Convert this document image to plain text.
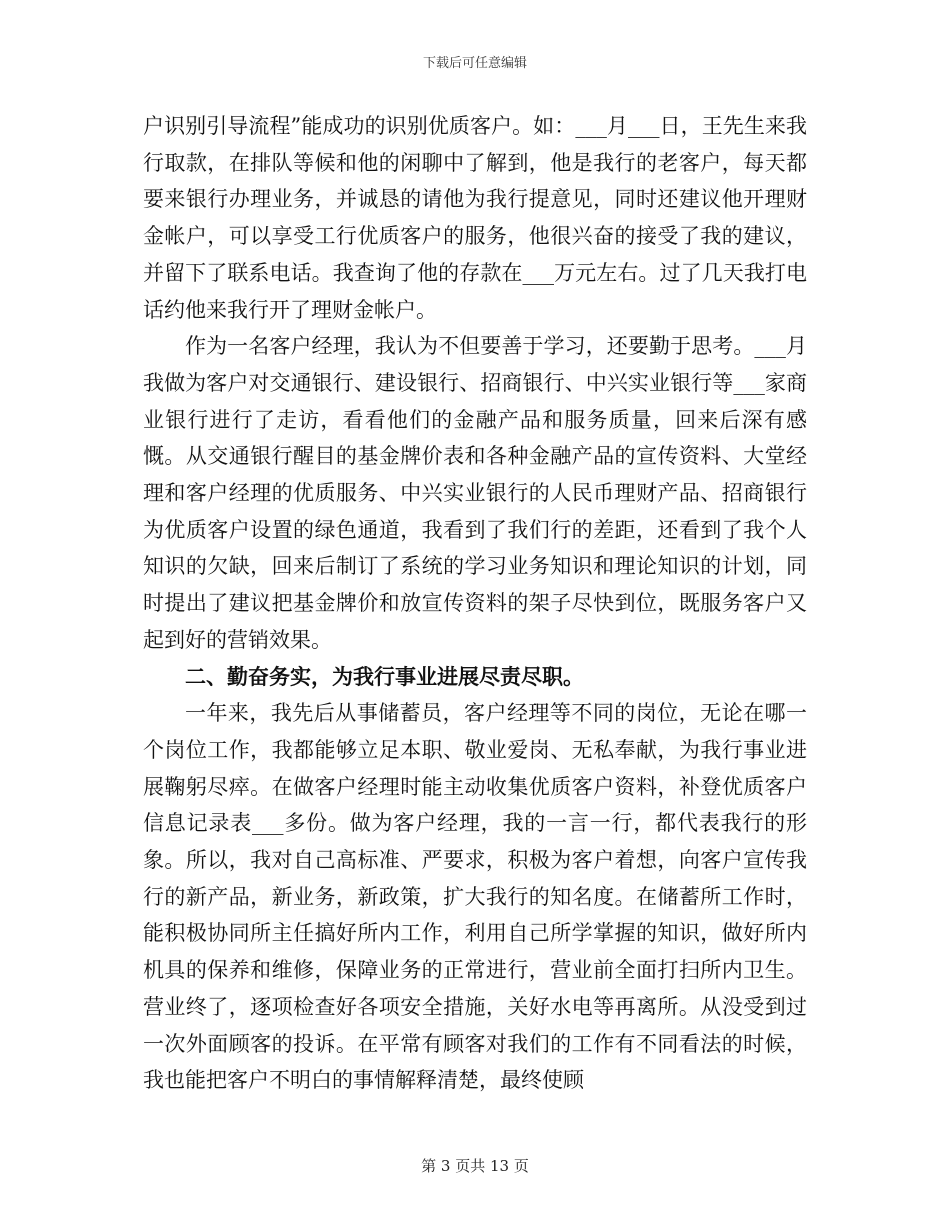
下载后可任意编辑

户识别引导流程”能成功的识别优质客户。如：___月___日，王先生来我行取款，在排队等候和他的闲聊中了解到，他是我行的老客户，每天都要来银行办理业务，并诚恳的请他为我行提意见，同时还建议他开理财金帐户，可以享受工行优质客户的服务，他很兴奋的接受了我的建议，并留下了联系电话。我查询了他的存款在___万元左右。过了几天我打电话约他来我行开了理财金帐户。

作为一名客户经理，我认为不但要善于学习，还要勤于思考。___月我做为客户对交通银行、建设银行、招商银行、中兴实业银行等___家商业银行进行了走访，看看他们的金融产品和服务质量，回来后深有感慨。从交通银行醒目的基金牌价表和各种金融产品的宣传资料、大堂经理和客户经理的优质服务、中兴实业银行的人民币理财产品、招商银行为优质客户设置的绿色通道，我看到了我们行的差距，还看到了我个人知识的欠缺，回来后制订了系统的学习业务知识和理论知识的计划，同时提出了建议把基金牌价和放宣传资料的架子尽快到位，既服务客户又起到好的营销效果。

二、勤奋务实，为我行事业进展尽责尽职。

一年来，我先后从事储蓄员，客户经理等不同的岗位，无论在哪一个岗位工作，我都能够立足本职、敬业爱岗、无私奉献，为我行事业进展鞠躬尽瘁。在做客户经理时能主动收集优质客户资料，补登优质客户信息记录表___多份。做为客户经理，我的一言一行，都代表我行的形象。所以，我对自己高标准、严要求，积极为客户着想，向客户宣传我行的新产品，新业务，新政策，扩大我行的知名度。在储蓄所工作时，能积极协同所主任搞好所内工作，利用自己所学掌握的知识，做好所内机具的保养和维修，保障业务的正常进行，营业前全面打扫所内卫生。营业终了，逐项检查好各项安全措施，关好水电等再离所。从没受到过一次外面顾客的投诉。在平常有顾客对我们的工作有不同看法的时候，我也能把客户不明白的事情解释清楚，最终使顾

第 3 页共 13 页
